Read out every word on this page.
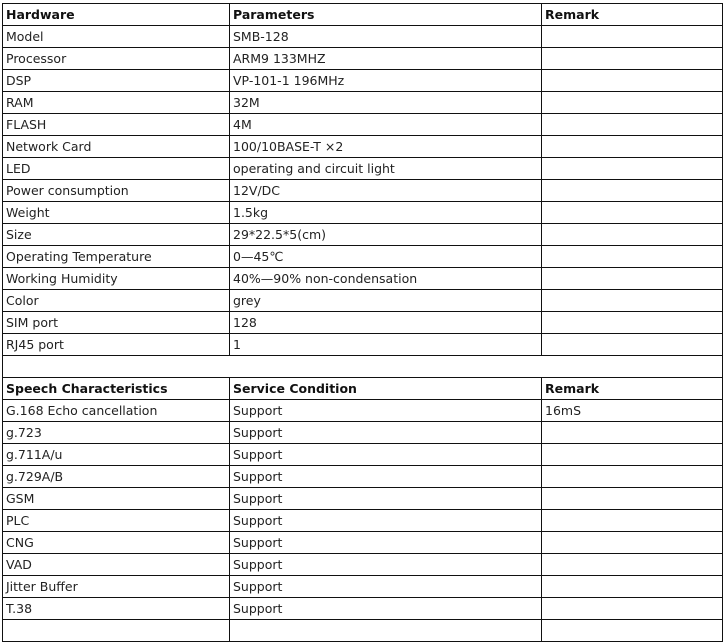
Hardware	Parameters	Remark
Model	SMB-128	
Processor	ARM9 133MHZ	
DSP	VP-101-1 196MHz	
RAM	32M	
FLASH	4M	
Network Card	100/10BASE-T ×2	
LED	operating and circuit light	
Power consumption	12V/DC	
Weight	1.5kg	
Size	29*22.5*5(cm)	
Operating Temperature	0—45℃	
Working Humidity	40%—90% non-condensation	
Color	grey	
SIM port	128	
RJ45 port	1	

Speech Characteristics	Service Condition	Remark
G.168 Echo cancellation	Support	16mS
g.723	Support	
g.711A/u	Support	
g.729A/B	Support	
GSM	Support	
PLC	Support	
CNG	Support	
VAD	Support	
Jitter Buffer	Support	
T.38	Support	
